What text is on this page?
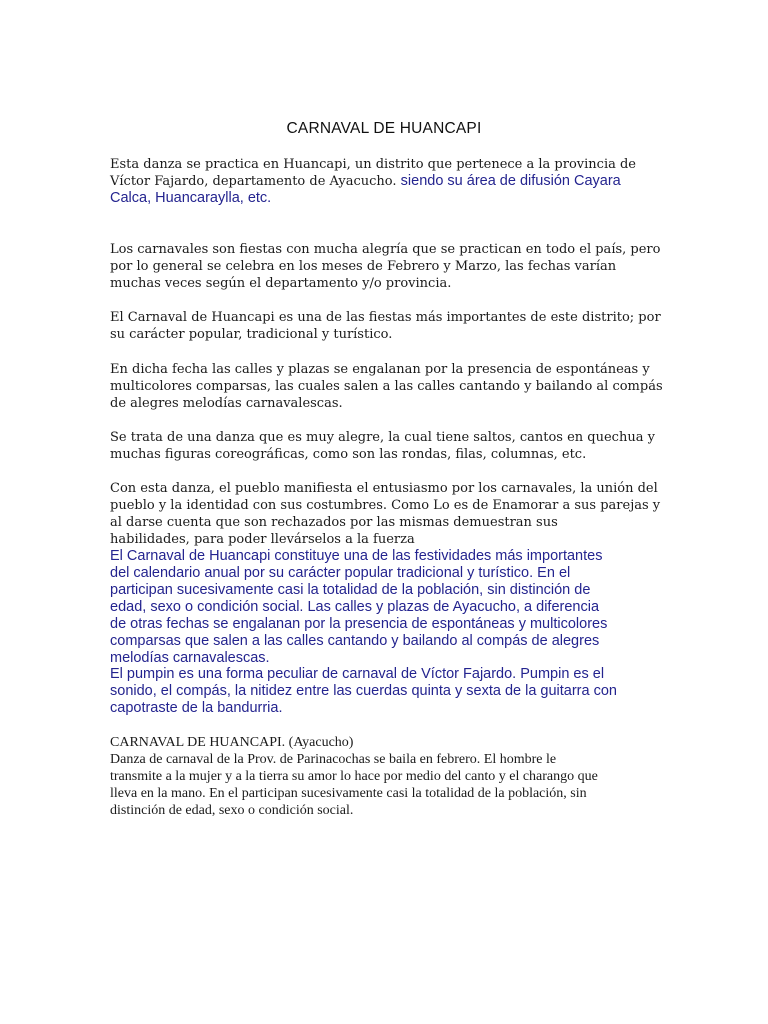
CARNAVAL DE HUANCAPI

Esta danza se practica en Huancapi, un distrito que pertenece a la provincia de
Víctor Fajardo, departamento de Ayacucho. siendo su área de difusión Cayara
Calca, Huancaraylla, etc.

Los carnavales son fiestas con mucha alegría que se practican en todo el país, pero
por lo general se celebra en los meses de Febrero y Marzo, las fechas varían
muchas veces según el departamento y/o provincia.

El Carnaval de Huancapi es una de las fiestas más importantes de este distrito; por
su carácter popular, tradicional y turístico.

En dicha fecha las calles y plazas se engalanan por la presencia de espontáneas y
multicolores comparsas, las cuales salen a las calles cantando y bailando al compás
de alegres melodías carnavalescas.

Se trata de una danza que es muy alegre, la cual tiene saltos, cantos en quechua y
muchas figuras coreográficas, como son las rondas, filas, columnas, etc.

Con esta danza, el pueblo manifiesta el entusiasmo por los carnavales, la unión del
pueblo y la identidad con sus costumbres. Como Lo es de Enamorar a sus parejas y
al darse cuenta que son rechazados por las mismas demuestran sus
habilidades, para poder llevárselos a la fuerza

El Carnaval de Huancapi constituye una de las festividades más importantes
del calendario anual por su carácter popular tradicional y turístico. En el
participan sucesivamente casi la totalidad de la población, sin distinción de
edad, sexo o condición social. Las calles y plazas de Ayacucho, a diferencia
de otras fechas se engalanan por la presencia de espontáneas y multicolores
comparsas que salen a las calles cantando y bailando al compás de alegres
melodías carnavalescas.

El pumpin es una forma peculiar de carnaval de Víctor Fajardo. Pumpin es el
sonido, el compás, la nitidez entre las cuerdas quinta y sexta de la guitarra con
capotraste de la bandurria.

CARNAVAL DE HUANCAPI. (Ayacucho)

Danza de carnaval de la Prov. de Parinacochas se baila en febrero. El hombre le
transmite a la mujer y a la tierra su amor lo hace por medio del canto y el charango que
lleva en la mano. En el participan sucesivamente casi la totalidad de la población, sin
distinción de edad, sexo o condición social.
